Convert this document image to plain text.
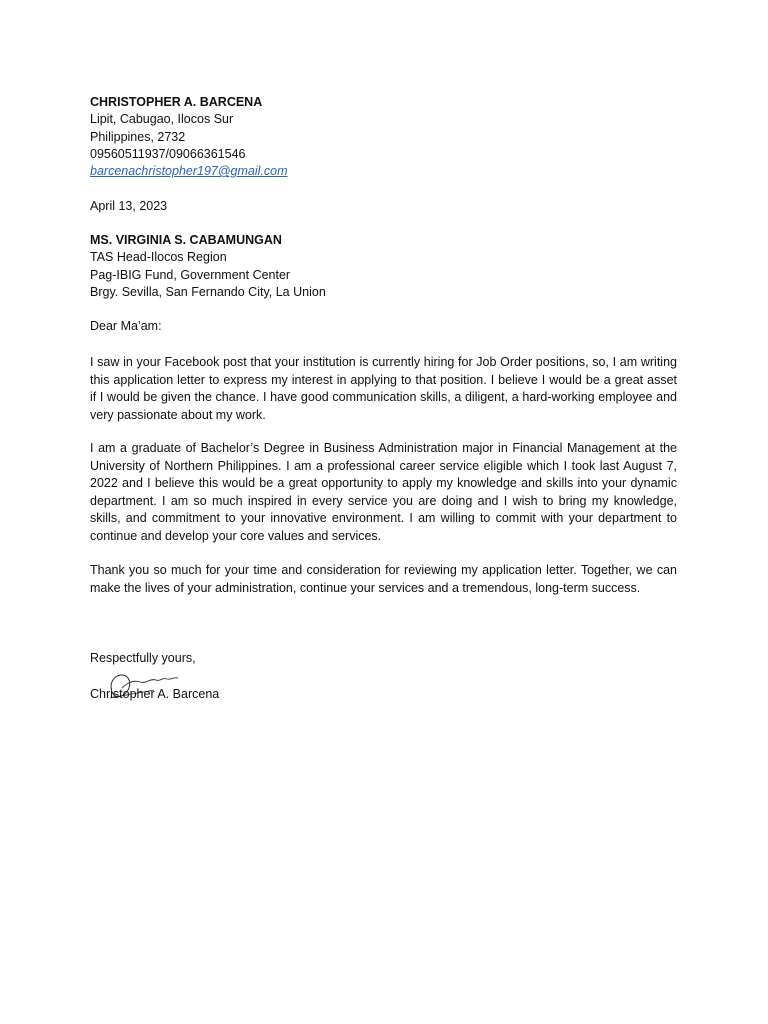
CHRISTOPHER A. BARCENA
Lipit, Cabugao, Ilocos Sur
Philippines, 2732
09560511937/09066361546
barcenachristopher197@gmail.com
April 13, 2023
MS. VIRGINIA S. CABAMUNGAN
TAS Head-Ilocos Region
Pag-IBIG Fund, Government Center
Brgy. Sevilla, San Fernando City, La Union
Dear Ma’am:

I saw in your Facebook post that your institution is currently hiring for Job Order positions, so, I am writing this application letter to express my interest in applying to that position. I believe I would be a great asset if I would be given the chance. I have good communication skills, a diligent, a hard-working employee and very passionate about my work.

I am a graduate of Bachelor’s Degree in Business Administration major in Financial Management at the University of Northern Philippines. I am a professional career service eligible which I took last August 7, 2022 and I believe this would be a great opportunity to apply my knowledge and skills into your dynamic department. I am so much inspired in every service you are doing and I wish to bring my knowledge, skills, and commitment to your innovative environment. I am willing to commit with your department to continue and develop your core values and services.

Thank you so much for your time and consideration for reviewing my application letter. Together, we can make the lives of your administration, continue your services and a tremendous, long-term success.

Respectfully yours,
Christopher A. Barcena
